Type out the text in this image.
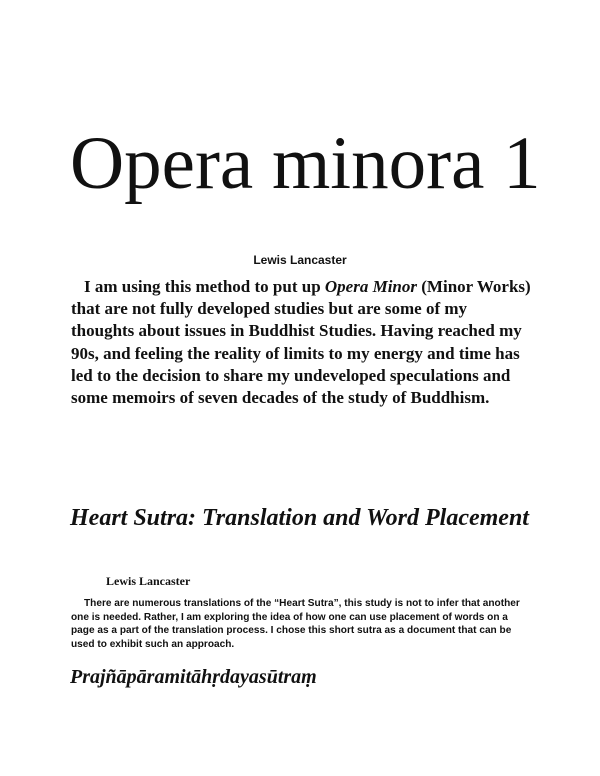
Opera minora 1

Lewis Lancaster

I am using this method to put up Opera Minor (Minor Works) that are not fully developed studies but are some of my thoughts about issues in Buddhist Studies. Having reached my 90s, and feeling the reality of limits to my energy and time has led to the decision to share my undeveloped speculations and some memoirs of seven decades of the study of Buddhism.

Heart Sutra: Translation and Word Placement

Lewis Lancaster

There are numerous translations of the “Heart Sutra”, this study is not to infer that another one is needed. Rather, I am exploring the idea of how one can use placement of words on a page as a part of the translation process. I chose this short sutra as a document that can be used to exhibit such an approach.

Prajñāpāramitāhṛdayasūtraṃ
